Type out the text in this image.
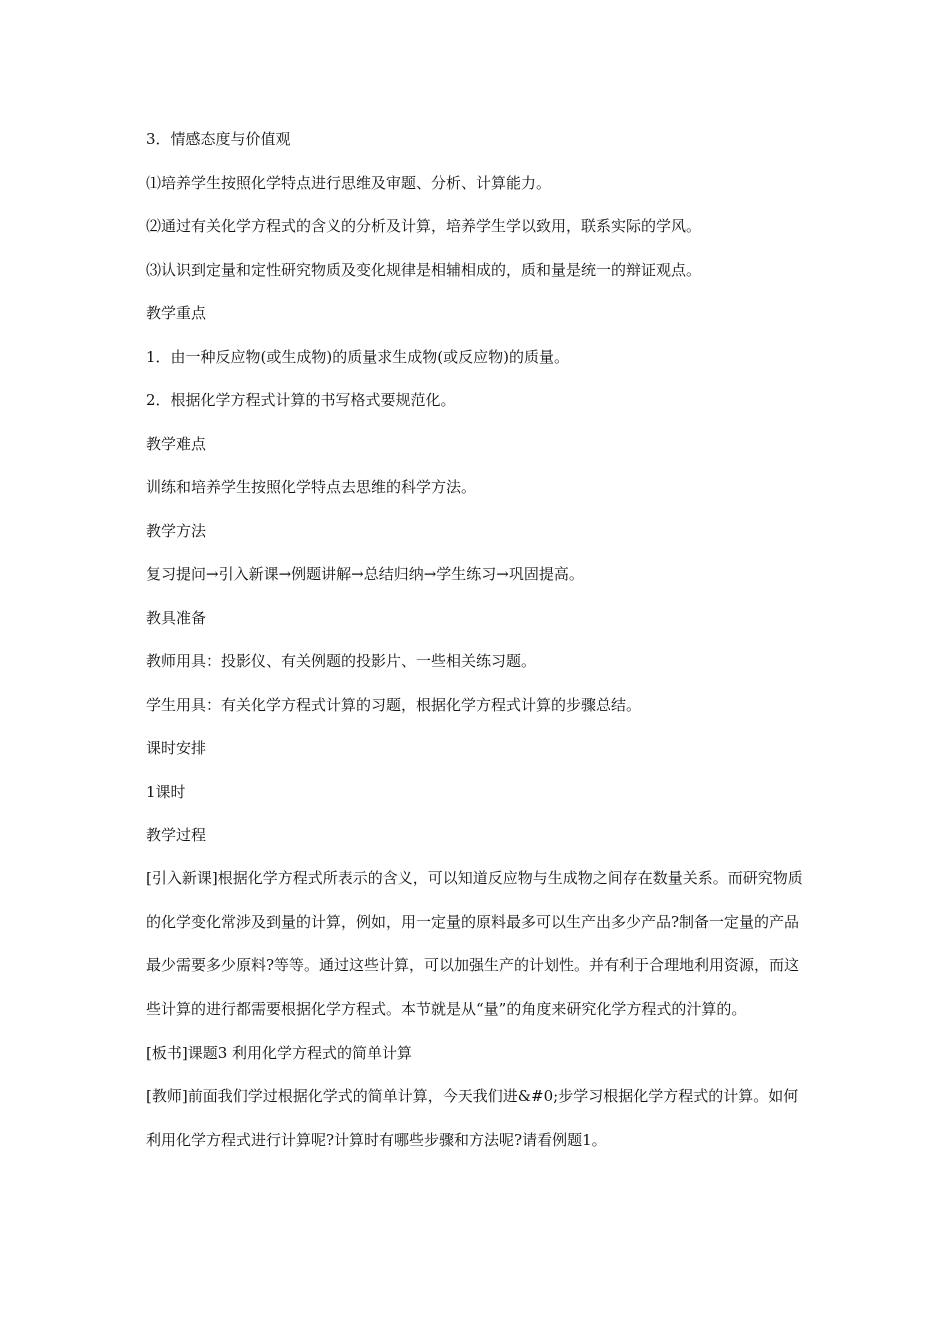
3．情感态度与价值观

⑴培养学生按照化学特点进行思维及审题、分析、计算能力。

⑵通过有关化学方程式的含义的分析及计算，培养学生学以致用，联系实际的学风。

⑶认识到定量和定性研究物质及变化规律是相辅相成的，质和量是统一的辩证观点。

教学重点

1．由一种反应物(或生成物)的质量求生成物(或反应物)的质量。

2．根据化学方程式计算的书写格式要规范化。

教学难点

训练和培养学生按照化学特点去思维的科学方法。

教学方法

复习提问→引入新课→例题讲解→总结归纳→学生练习→巩固提高。

教具准备

教师用具：投影仪、有关例题的投影片、一些相关练习题。

学生用具：有关化学方程式计算的习题，根据化学方程式计算的步骤总结。

课时安排

1课时

教学过程

[引入新课]根据化学方程式所表示的含义，可以知道反应物与生成物之间存在数量关系。而研究物质的化学变化常涉及到量的计算，例如，用一定量的原料最多可以生产出多少产品?制备一定量的产品最少需要多少原料?等等。通过这些计算，可以加强生产的计划性。并有利于合理地利用资源，而这些计算的进行都需要根据化学方程式。本节就是从“量”的角度来研究化学方程式的汁算的。

[板书]课题3 利用化学方程式的简单计算

[教师]前面我们学过根据化学式的简单计算，今天我们进&#0;步学习根据化学方程式的计算。如何利用化学方程式进行计算呢?计算时有哪些步骤和方法呢?请看例题1。
